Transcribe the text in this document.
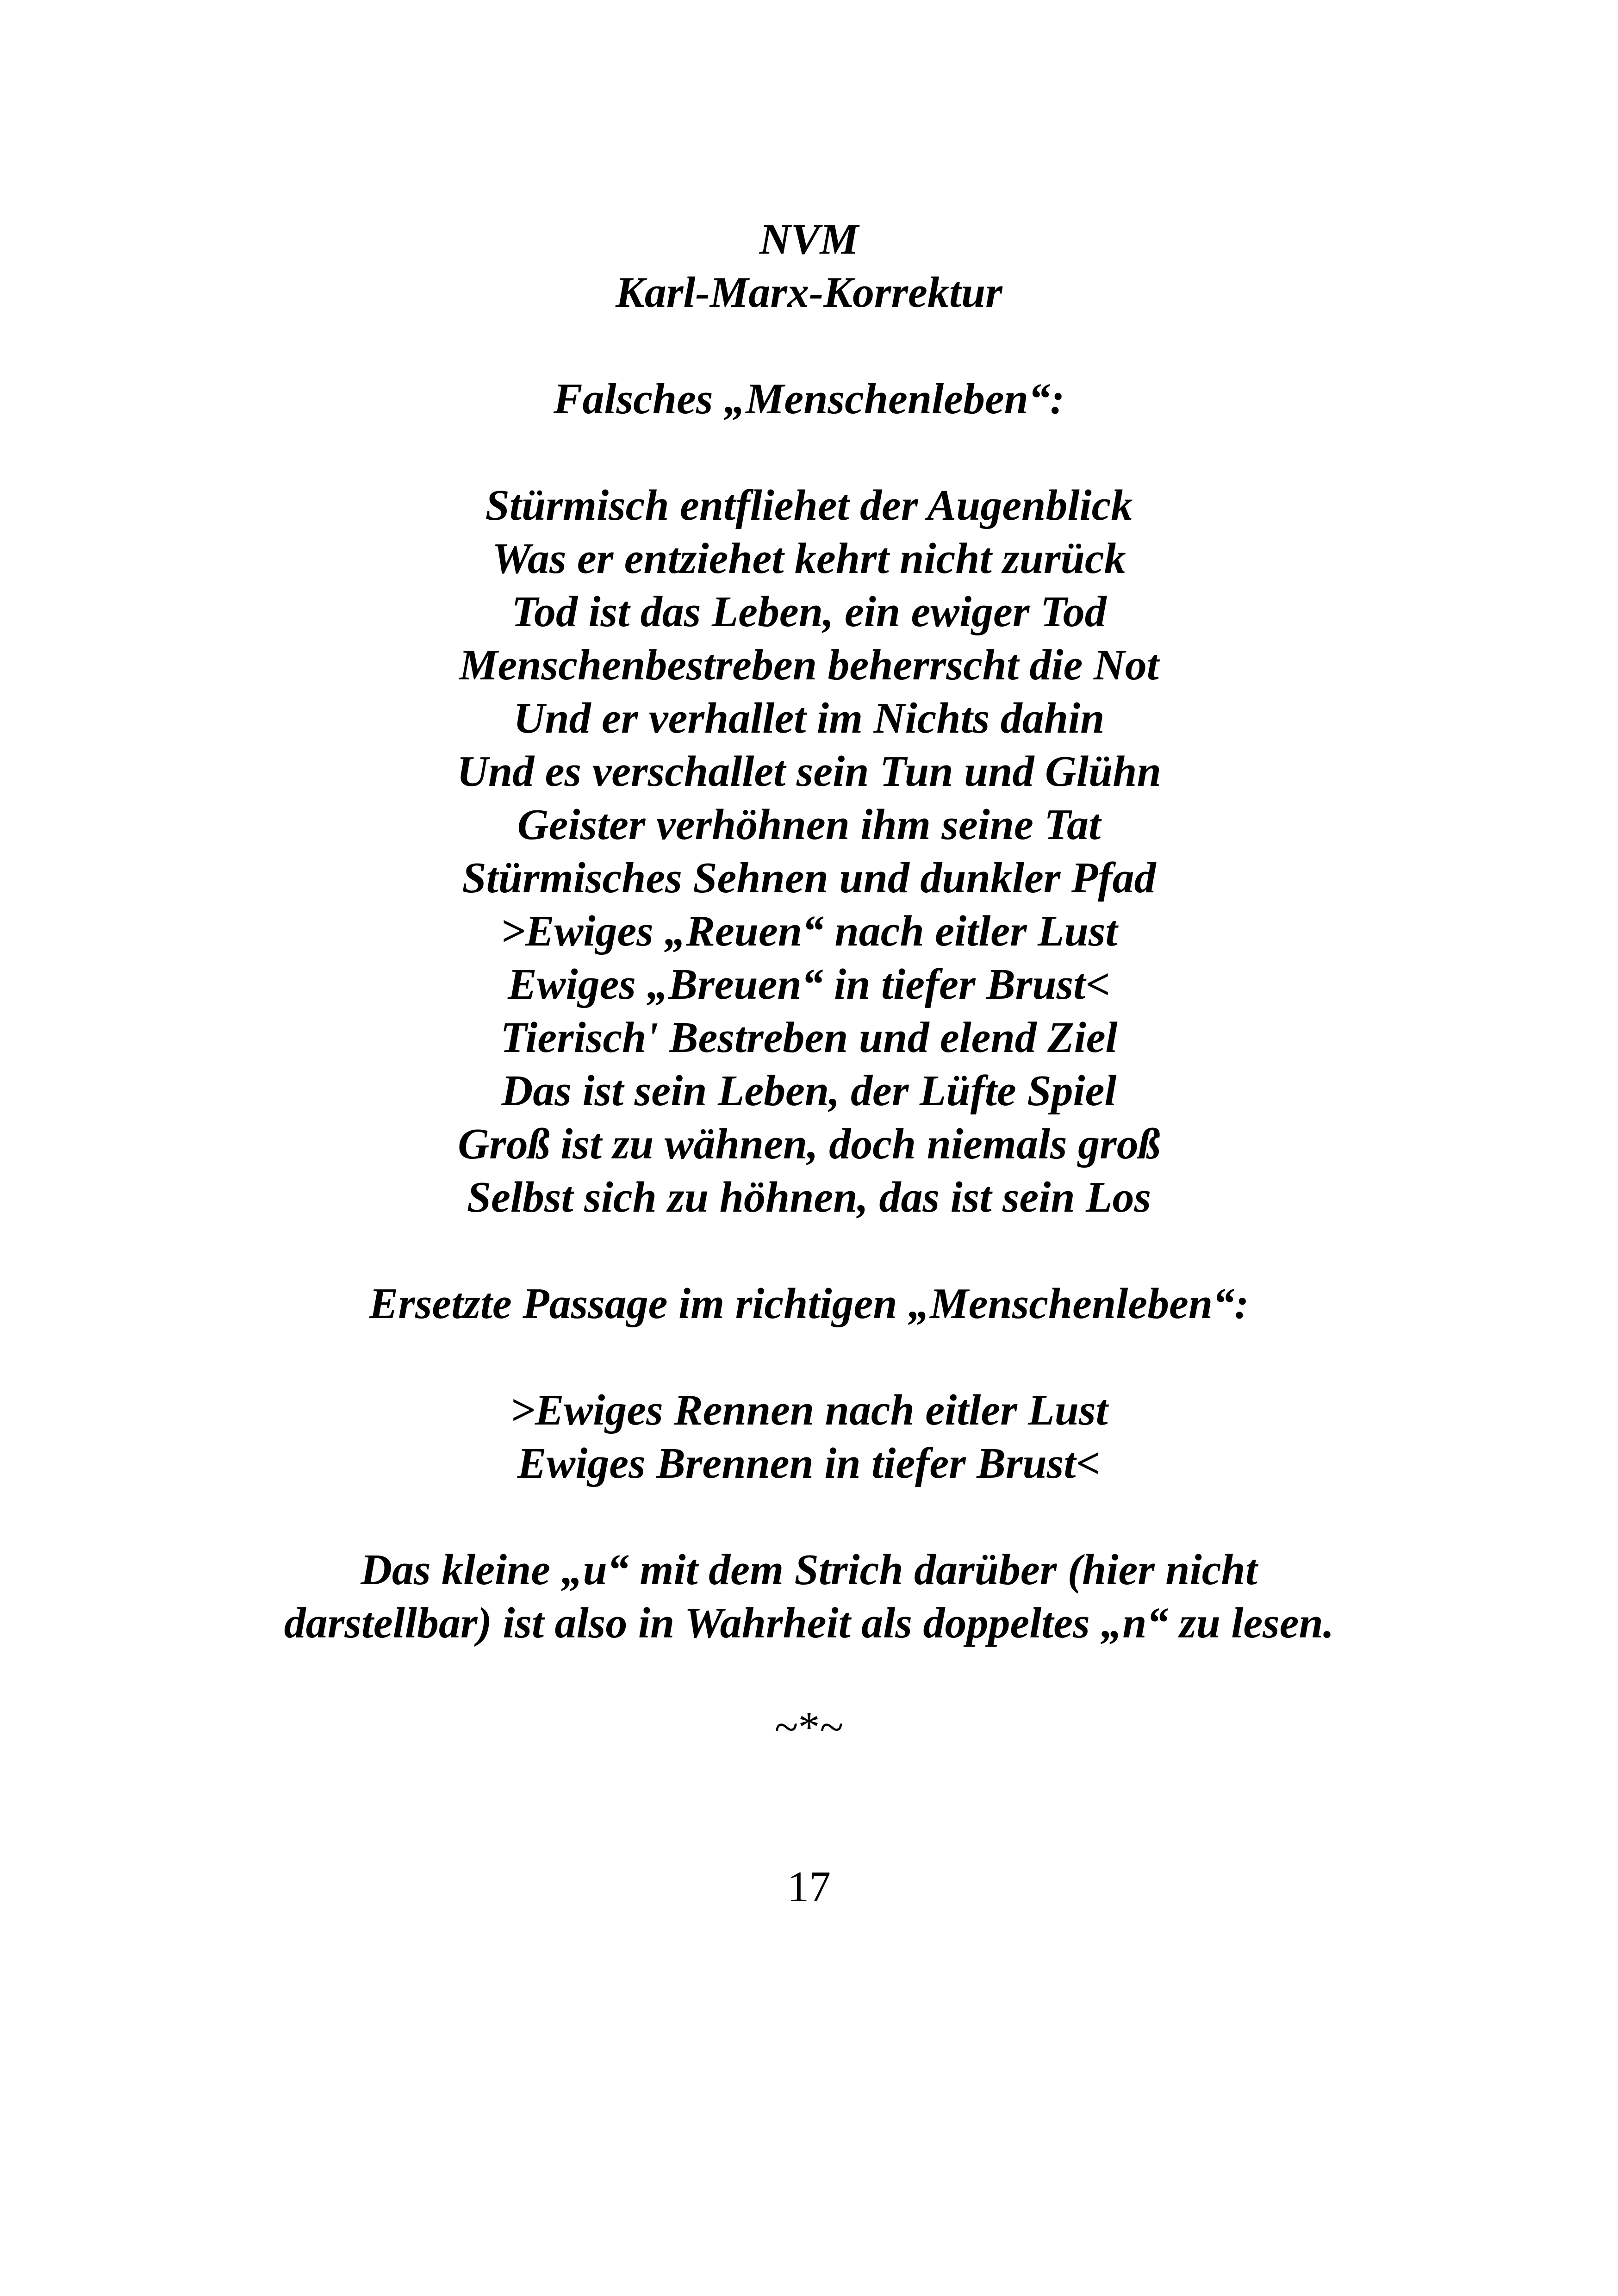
NVM
Karl-Marx-Korrektur
Falsches „Menschenleben“:
Stürmisch entfliehet der Augenblick
Was er entziehet kehrt nicht zurück
Tod ist das Leben, ein ewiger Tod
Menschenbestreben beherrscht die Not
Und er verhallet im Nichts dahin
Und es verschallet sein Tun und Glühn
Geister verhöhnen ihm seine Tat
Stürmisches Sehnen und dunkler Pfad
>Ewiges „Reuen“ nach eitler Lust
Ewiges „Breuen“ in tiefer Brust<
Tierisch' Bestreben und elend Ziel
Das ist sein Leben, der Lüfte Spiel
Groß ist zu wähnen, doch niemals groß
Selbst sich zu höhnen, das ist sein Los
Ersetzte Passage im richtigen „Menschenleben“:
>Ewiges Rennen nach eitler Lust
Ewiges Brennen in tiefer Brust<
Das kleine „u“ mit dem Strich darüber (hier nicht
darstellbar) ist also in Wahrheit als doppeltes „n“ zu lesen.
~*~
17
